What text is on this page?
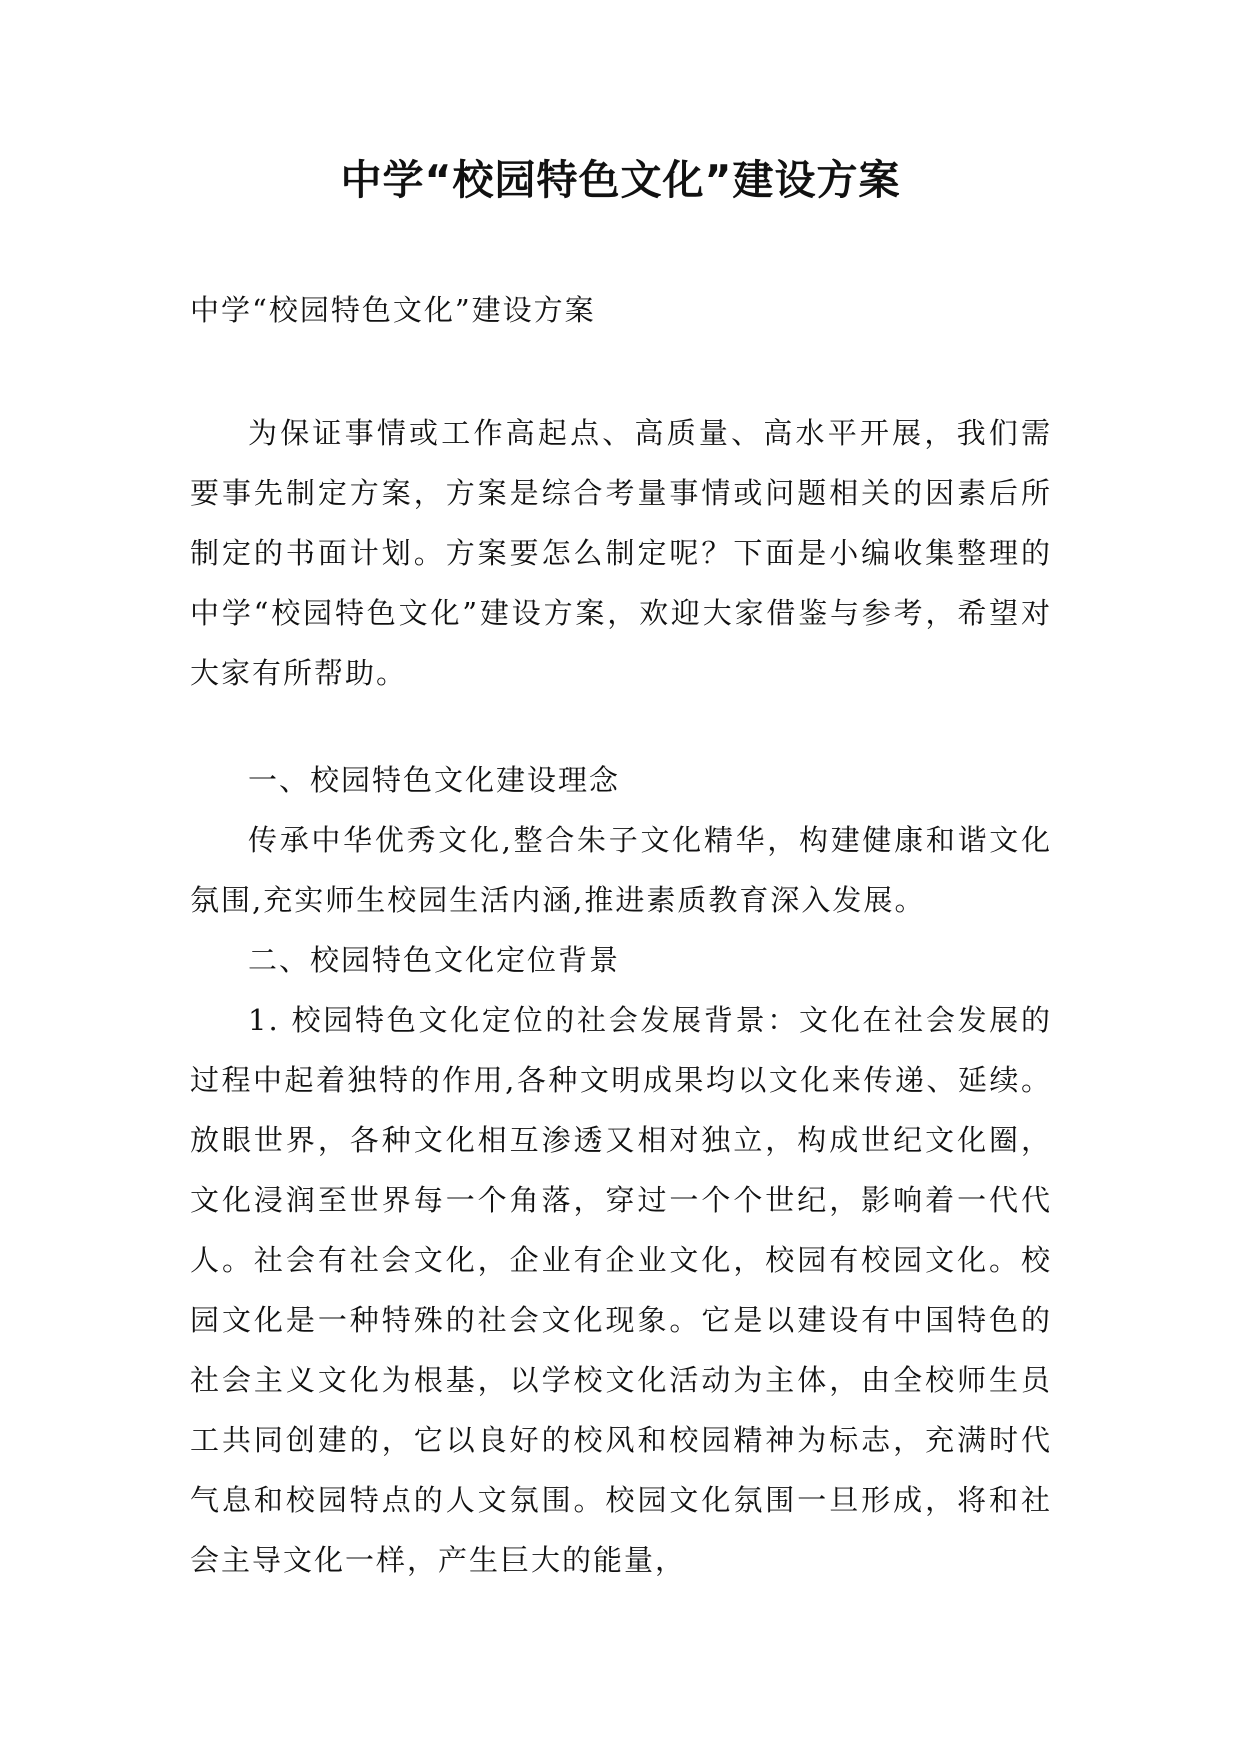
中学“校园特色文化”建设方案
中学“校园特色文化”建设方案

为保证事情或工作高起点、高质量、高水平开展，我们需要事先制定方案，方案是综合考量事情或问题相关的因素后所制定的书面计划。方案要怎么制定呢？下面是小编收集整理的中学“校园特色文化”建设方案，欢迎大家借鉴与参考，希望对大家有所帮助。

一、校园特色文化建设理念

传承中华优秀文化,整合朱子文化精华，构建健康和谐文化氛围,充实师生校园生活内涵,推进素质教育深入发展。

二、校园特色文化定位背景

1. 校园特色文化定位的社会发展背景：文化在社会发展的过程中起着独特的作用,各种文明成果均以文化来传递、延续。放眼世界，各种文化相互渗透又相对独立，构成世纪文化圈，文化浸润至世界每一个角落，穿过一个个世纪，影响着一代代人。社会有社会文化，企业有企业文化，校园有校园文化。校园文化是一种特殊的社会文化现象。它是以建设有中国特色的社会主义文化为根基，以学校文化活动为主体，由全校师生员工共同创建的，它以良好的校风和校园精神为标志，充满时代气息和校园特点的人文氛围。校园文化氛围一旦形成，将和社会主导文化一样，产生巨大的能量，
